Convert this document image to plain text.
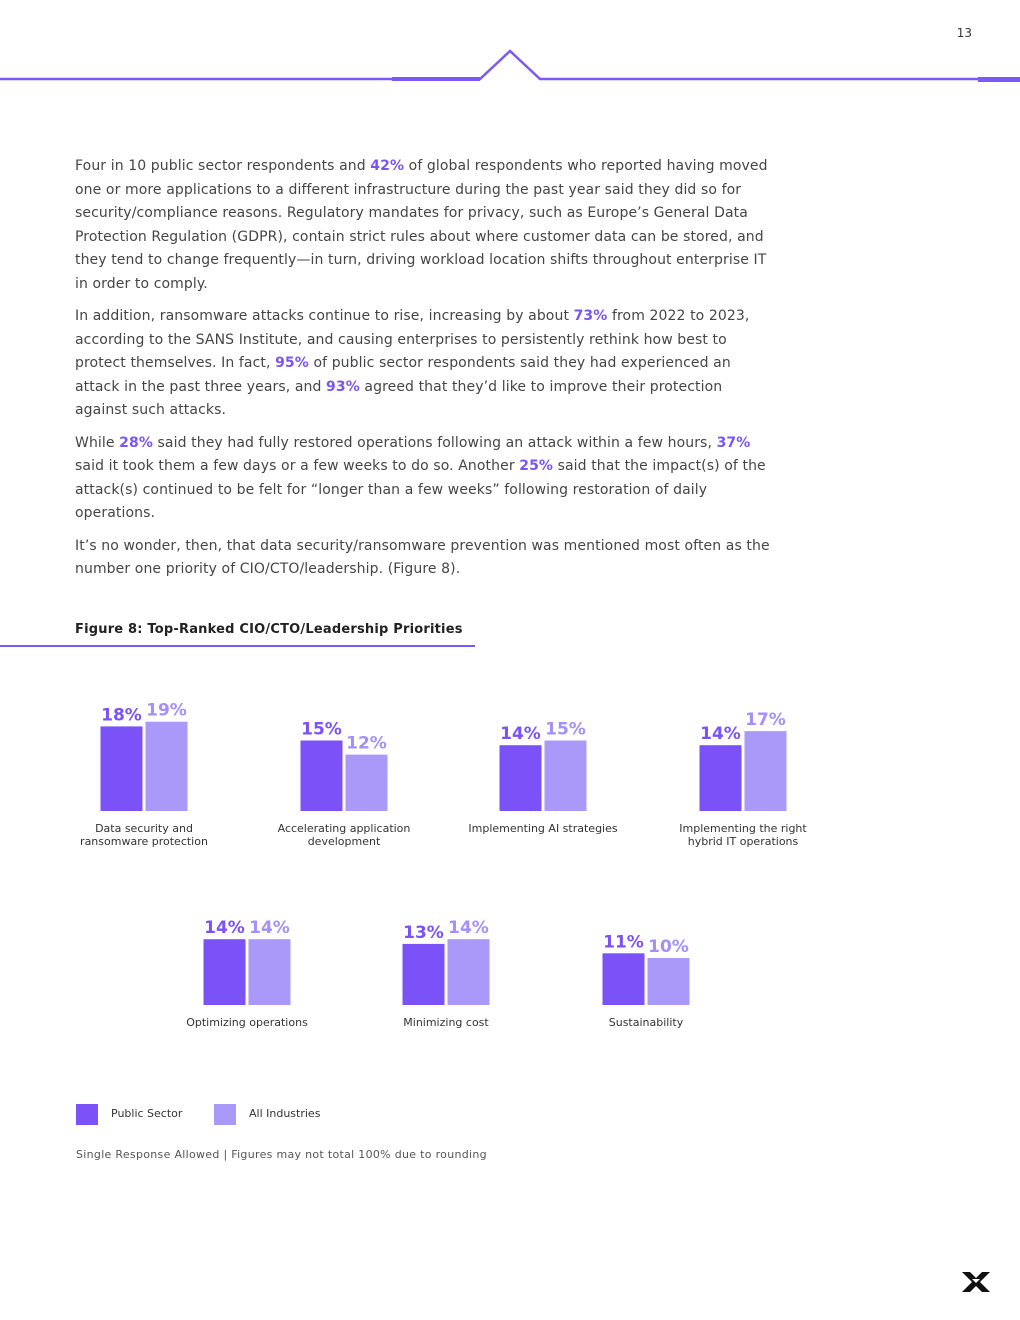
13

Four in 10 public sector respondents and 42% of global respondents who reported having moved one or more applications to a different infrastructure during the past year said they did so for security/compliance reasons. Regulatory mandates for privacy, such as Europe’s General Data Protection Regulation (GDPR), contain strict rules about where customer data can be stored, and they tend to change frequently—in turn, driving workload location shifts throughout enterprise IT in order to comply.

In addition, ransomware attacks continue to rise, increasing by about 73% from 2022 to 2023, according to the SANS Institute, and causing enterprises to persistently rethink how best to protect themselves. In fact, 95% of public sector respondents said they had experienced an attack in the past three years, and 93% agreed that they’d like to improve their protection against such attacks.

While 28% said they had fully restored operations following an attack within a few hours, 37% said it took them a few days or a few weeks to do so. Another 25% said that the impact(s) of the attack(s) continued to be felt for “longer than a few weeks” following restoration of daily operations.

It’s no wonder, then, that data security/ransomware prevention was mentioned most often as the number one priority of CIO/CTO/leadership. (Figure 8).

Figure 8: Top-Ranked CIO/CTO/Leadership Priorities
18% 19%
Data security and
ransomware protection
15%
12%
Accelerating application
development
14% 15%
Implementing AI strategies
14%
17%
Implementing the right
hybrid IT operations
14% 14%
Optimizing operations
13% 14%
Minimizing cost
11% 10%
Sustainability
Public Sector	All Industries
Single Response Allowed | Figures may not total 100% due to rounding
